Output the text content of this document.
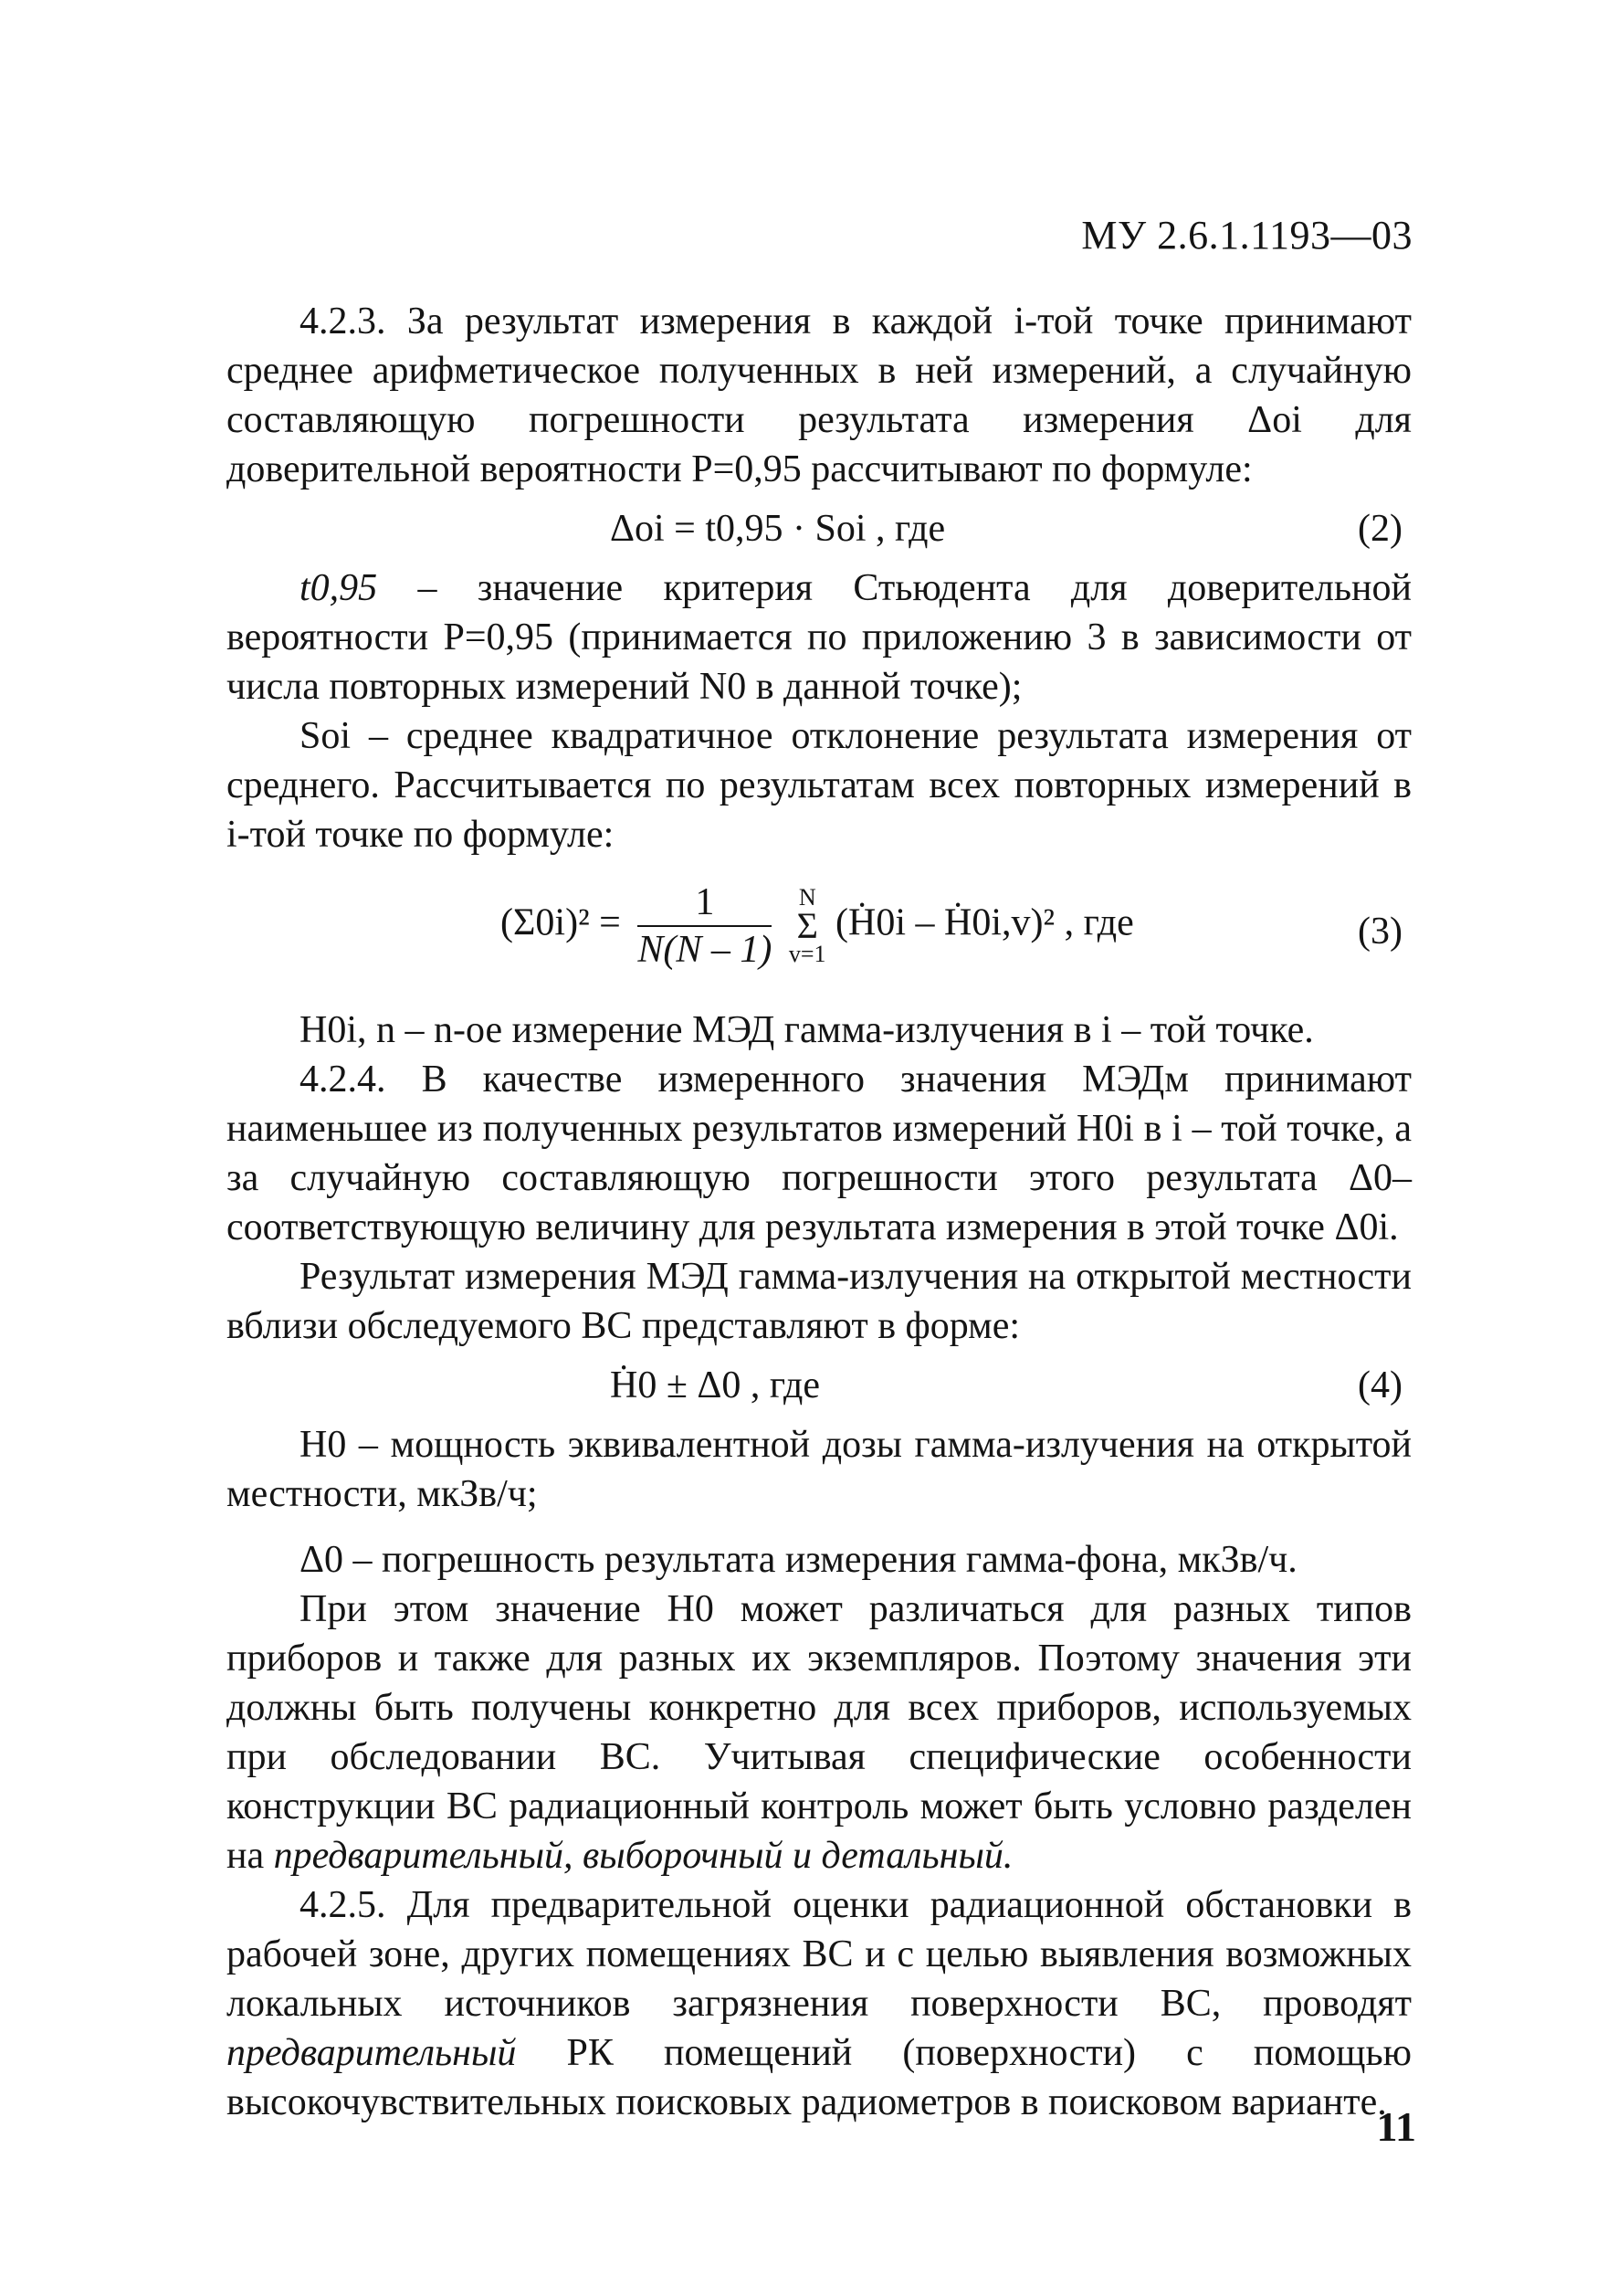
МУ 2.6.1.1193—03

4.2.3. За результат измерения в каждой i-той точке принимают среднее арифметическое полученных в ней измерений, а случайную составляющую погрешности результата измерения Δoi для доверительной вероятности P=0,95 рассчитывают по формуле:

Δoi = t0,95 · Soi , где	(2)

t0,95 – значение критерия Стьюдента для доверительной вероятности P=0,95 (принимается по приложению 3 в зависимости от числа повторных измерений N0 в данной точке);

Soi – среднее квадратичное отклонение результата измерения от среднего. Рассчитывается по результатам всех повторных измерений в i-той точке по формуле:

$(\Sigma 0i)^2 = \frac{1}{N(N - 1)}$ N
Σ
v=1 (Ḣ0i – Ḣ0i,v)² , где	(3)

H0i, n – n-ое измерение МЭД гамма-излучения в i – той точке.

4.2.4. В качестве измеренного значения МЭДм принимают наименьшее из полученных результатов измерений H0i в i – той точке, а за случайную составляющую погрешности этого результата Δ0– соответствующую величину для результата измерения в этой точке Δ0i.

Результат измерения МЭД гамма-излучения на открытой местности вблизи обследуемого ВС представляют в форме:

Ḣ0 ± Δ0 , где	(4)

H0 – мощность эквивалентной дозы гамма-излучения на открытой местности, мкЗв/ч;

Δ0 – погрешность результата измерения гамма-фона, мкЗв/ч.

При этом значение H0 может различаться для разных типов приборов и также для разных их экземпляров. Поэтому значения эти должны быть получены конкретно для всех приборов, используемых при обследовании ВС. Учитывая специфические особенности конструкции ВС радиационный контроль может быть условно разделен на предварительный, выборочный и детальный.

4.2.5. Для предварительной оценки радиационной обстановки в рабочей зоне, других помещениях ВС и с целью выявления возможных локальных источников загрязнения поверхности ВС, проводят предварительный РК помещений (поверхности) с помощью высокочувствительных поисковых радиометров в поисковом варианте.

11
